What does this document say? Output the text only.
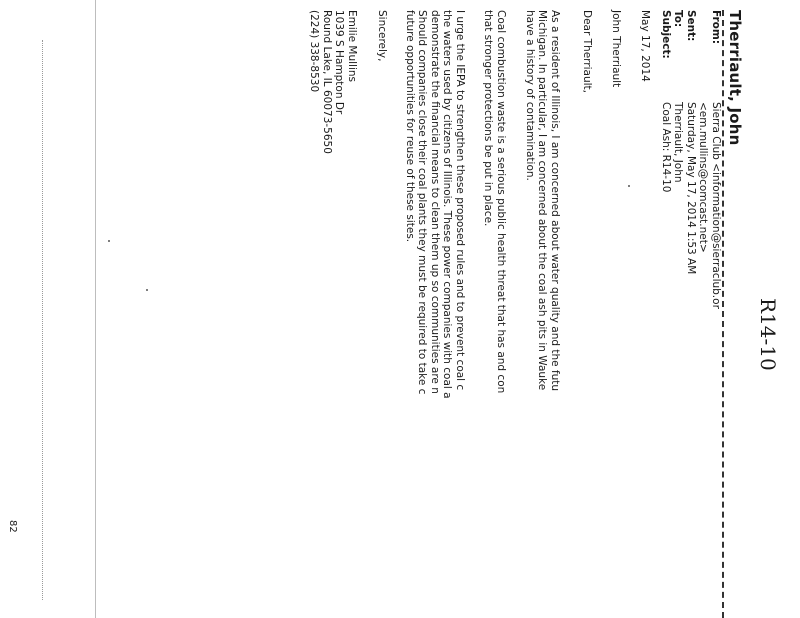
R14-10
Therriault, John
From:
Sierra Club <information@sierraclub.or
<em.mullins@comcast.net>
Sent:
Saturday, May 17, 2014 1:53 AM
To:
Therriault, John
Subject:
Coal Ash: R14-10
May 17, 2014
John Therriault
Dear Therriault,
As a resident of Illinois, I am concerned about water quality and the futu
Michigan. In particular, I am concerned about the coal ash pits in Wauke
have a history of contamination.
Coal combustion waste is a serious public health threat that has and con
that stronger protections be put in place.
I urge the IEPA to strengthen these proposed rules and to prevent coal c
the waters used by citizens of Illinois. These power companies with coal a
demonstrate the financial means to clean them up so communities are n
Should companies close their coal plants they must be required to take c
future opportunities for reuse of these sites.
Sincerely,
Emilie Mullins
1039 S Hampton Dr
Round Lake, IL 60073-5650
(224) 338-8530
82
